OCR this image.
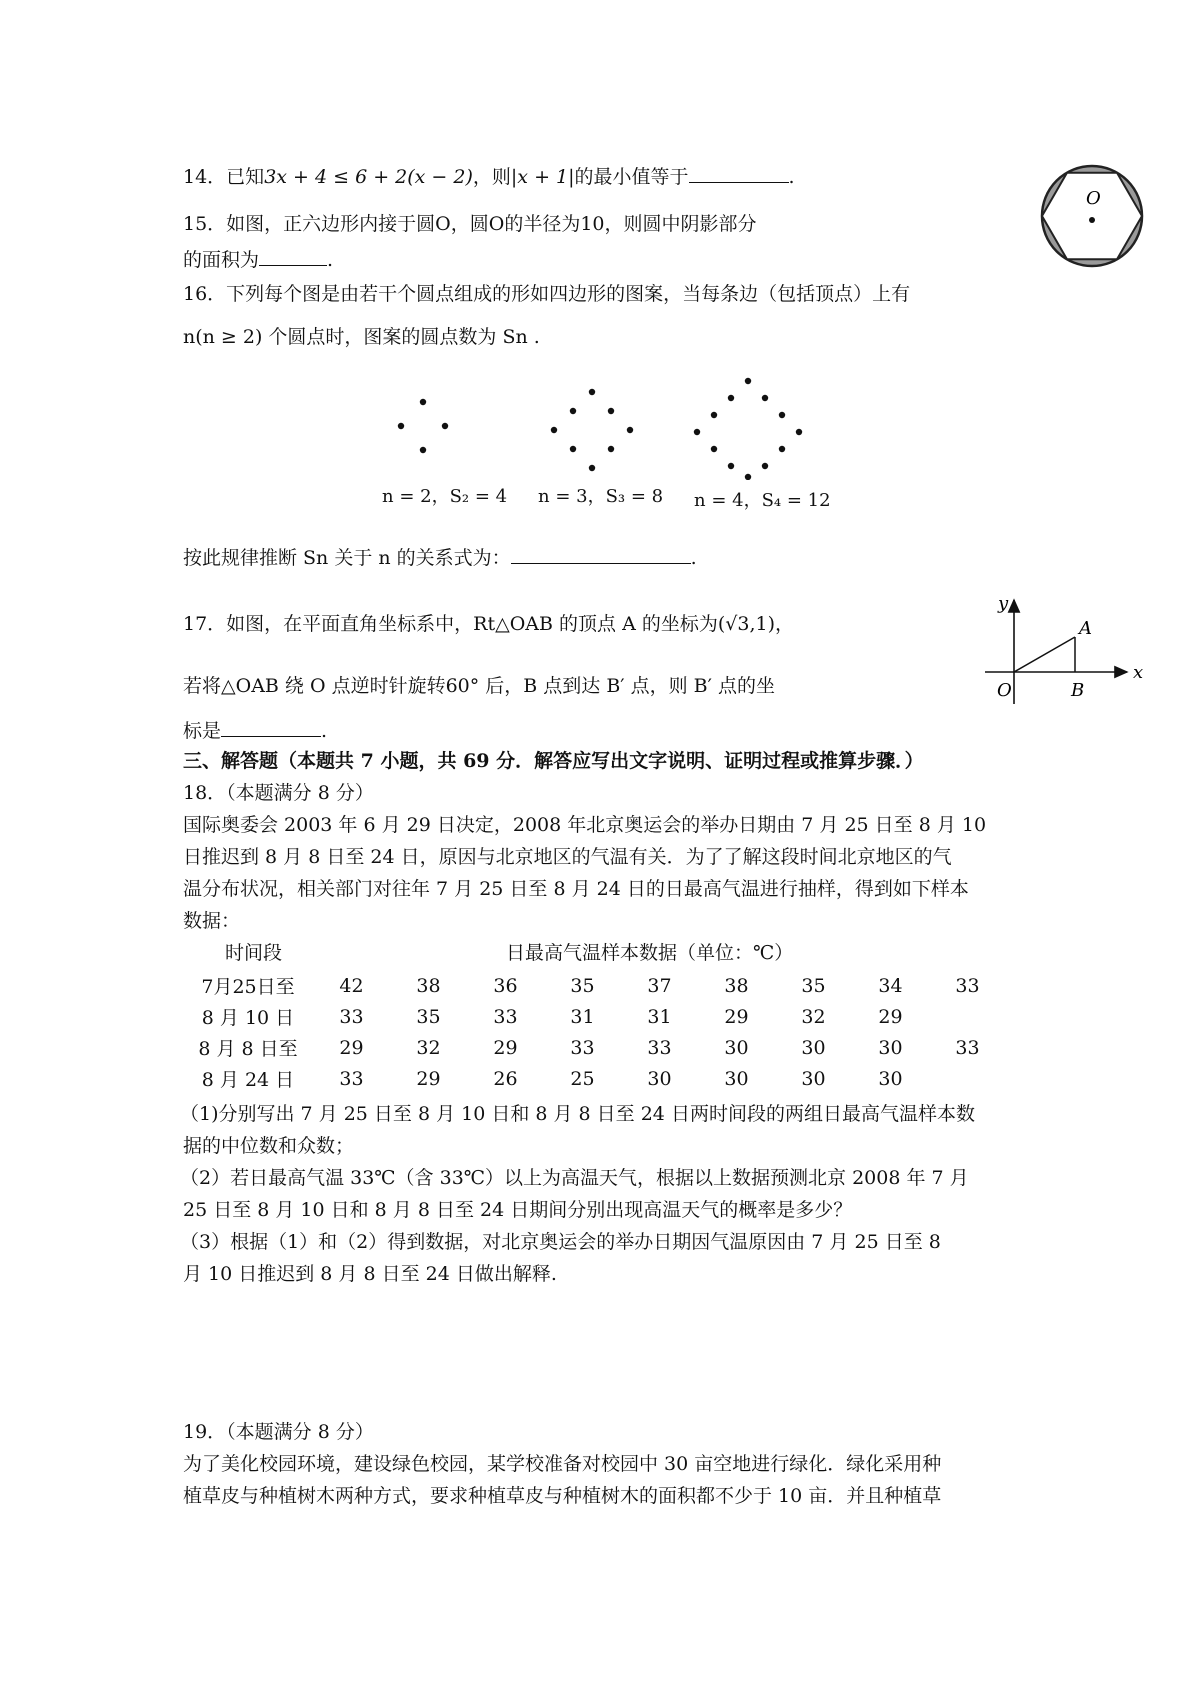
14．已知3x + 4 ≤ 6 + 2(x − 2)，则|x + 1|的最小值等于	.
O
15．如图，正六边形内接于圆O，圆O的半径为10，则圆中阴影部分
的面积为	.
16．下列每个图是由若干个圆点组成的形如四边形的图案，当每条边（包括顶点）上有
n(n ≥ 2) 个圆点时，图案的圆点数为 Sn .
n = 2，S₂ = 4 n = 3，S₃ = 8 n = 4，S₄ = 12
按此规律推断 Sn 关于 n 的关系式为：	.
17．如图，在平面直角坐标系中，Rt△OAB 的顶点 A 的坐标为(√3,1)，
若将△OAB 绕 O 点逆时针旋转60° 后，B 点到达 B′ 点，则 B′ 点的坐
标是	.
y
x
O
A
B
三、解答题（本题共 7 小题，共 69 分．解答应写出文字说明、证明过程或推算步骤．）
18．（本题满分 8 分）
国际奥委会 2003 年 6 月 29 日决定，2008 年北京奥运会的举办日期由 7 月 25 日至 8 月 10
日推迟到 8 月 8 日至 24 日，原因与北京地区的气温有关．为了了解这段时间北京地区的气
温分布状况，相关部门对往年 7 月 25 日至 8 月 24 日的日最高气温进行抽样，得到如下样本
数据：
时间段	日最高气温样本数据（单位：℃）
7月25日至	42	38	36	35	37	38	35	34	33
8 月 10 日	33	35	33	31	31	29	32	29	
8 月 8 日至	29	32	29	33	33	30	30	30	33
8 月 24 日	33	29	26	25	30	30	30	30	
（1)分别写出 7 月 25 日至 8 月 10 日和 8 月 8 日至 24 日两时间段的两组日最高气温样本数
据的中位数和众数；
（2）若日最高气温 33℃（含 33℃）以上为高温天气，根据以上数据预测北京 2008 年 7 月
25 日至 8 月 10 日和 8 月 8 日至 24 日期间分别出现高温天气的概率是多少？
（3）根据（1）和（2）得到数据，对北京奥运会的举办日期因气温原因由 7 月 25 日至 8
月 10 日推迟到 8 月 8 日至 24 日做出解释.
19．（本题满分 8 分）
为了美化校园环境，建设绿色校园，某学校准备对校园中 30 亩空地进行绿化．绿化采用种
植草皮与种植树木两种方式，要求种植草皮与种植树木的面积都不少于 10 亩．并且种植草
